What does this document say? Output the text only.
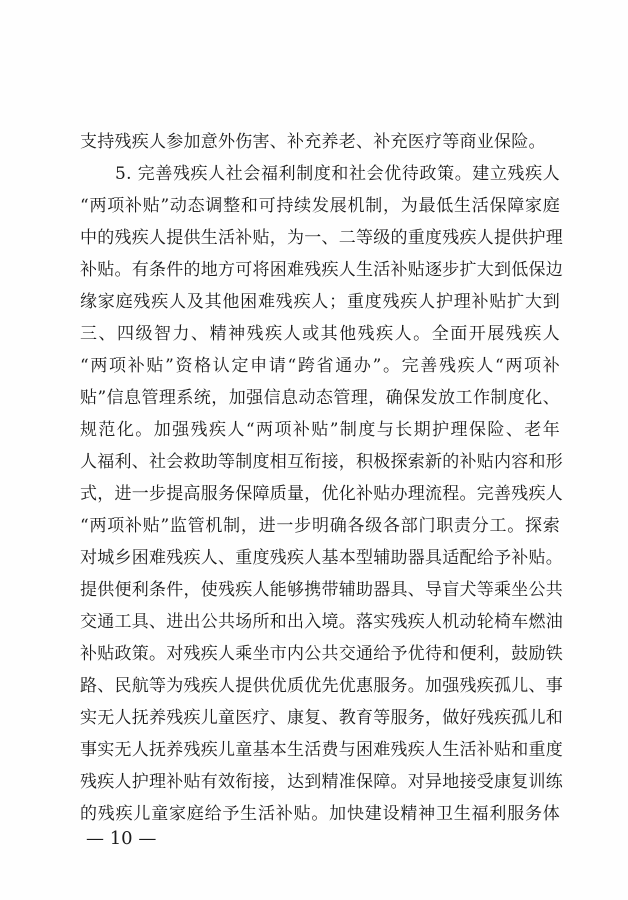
支持残疾人参加意外伤害、补充养老、补充医疗等商业保险。
5. 完善残疾人社会福利制度和社会优待政策。建立残疾人
“两项补贴”动态调整和可持续发展机制，为最低生活保障家庭
中的残疾人提供生活补贴，为一、二等级的重度残疾人提供护理
补贴。有条件的地方可将困难残疾人生活补贴逐步扩大到低保边
缘家庭残疾人及其他困难残疾人；重度残疾人护理补贴扩大到
三、四级智力、精神残疾人或其他残疾人。全面开展残疾人
“两项补贴”资格认定申请“跨省通办”。完善残疾人“两项补
贴”信息管理系统，加强信息动态管理，确保发放工作制度化、
规范化。加强残疾人“两项补贴”制度与长期护理保险、老年
人福利、社会救助等制度相互衔接，积极探索新的补贴内容和形
式，进一步提高服务保障质量，优化补贴办理流程。完善残疾人
“两项补贴”监管机制，进一步明确各级各部门职责分工。探索
对城乡困难残疾人、重度残疾人基本型辅助器具适配给予补贴。
提供便利条件，使残疾人能够携带辅助器具、导盲犬等乘坐公共
交通工具、进出公共场所和出入境。落实残疾人机动轮椅车燃油
补贴政策。对残疾人乘坐市内公共交通给予优待和便利，鼓励铁
路、民航等为残疾人提供优质优先优惠服务。加强残疾孤儿、事
实无人抚养残疾儿童医疗、康复、教育等服务，做好残疾孤儿和
事实无人抚养残疾儿童基本生活费与困难残疾人生活补贴和重度
残疾人护理补贴有效衔接，达到精准保障。对异地接受康复训练
的残疾儿童家庭给予生活补贴。加快建设精神卫生福利服务体
— 10 —
